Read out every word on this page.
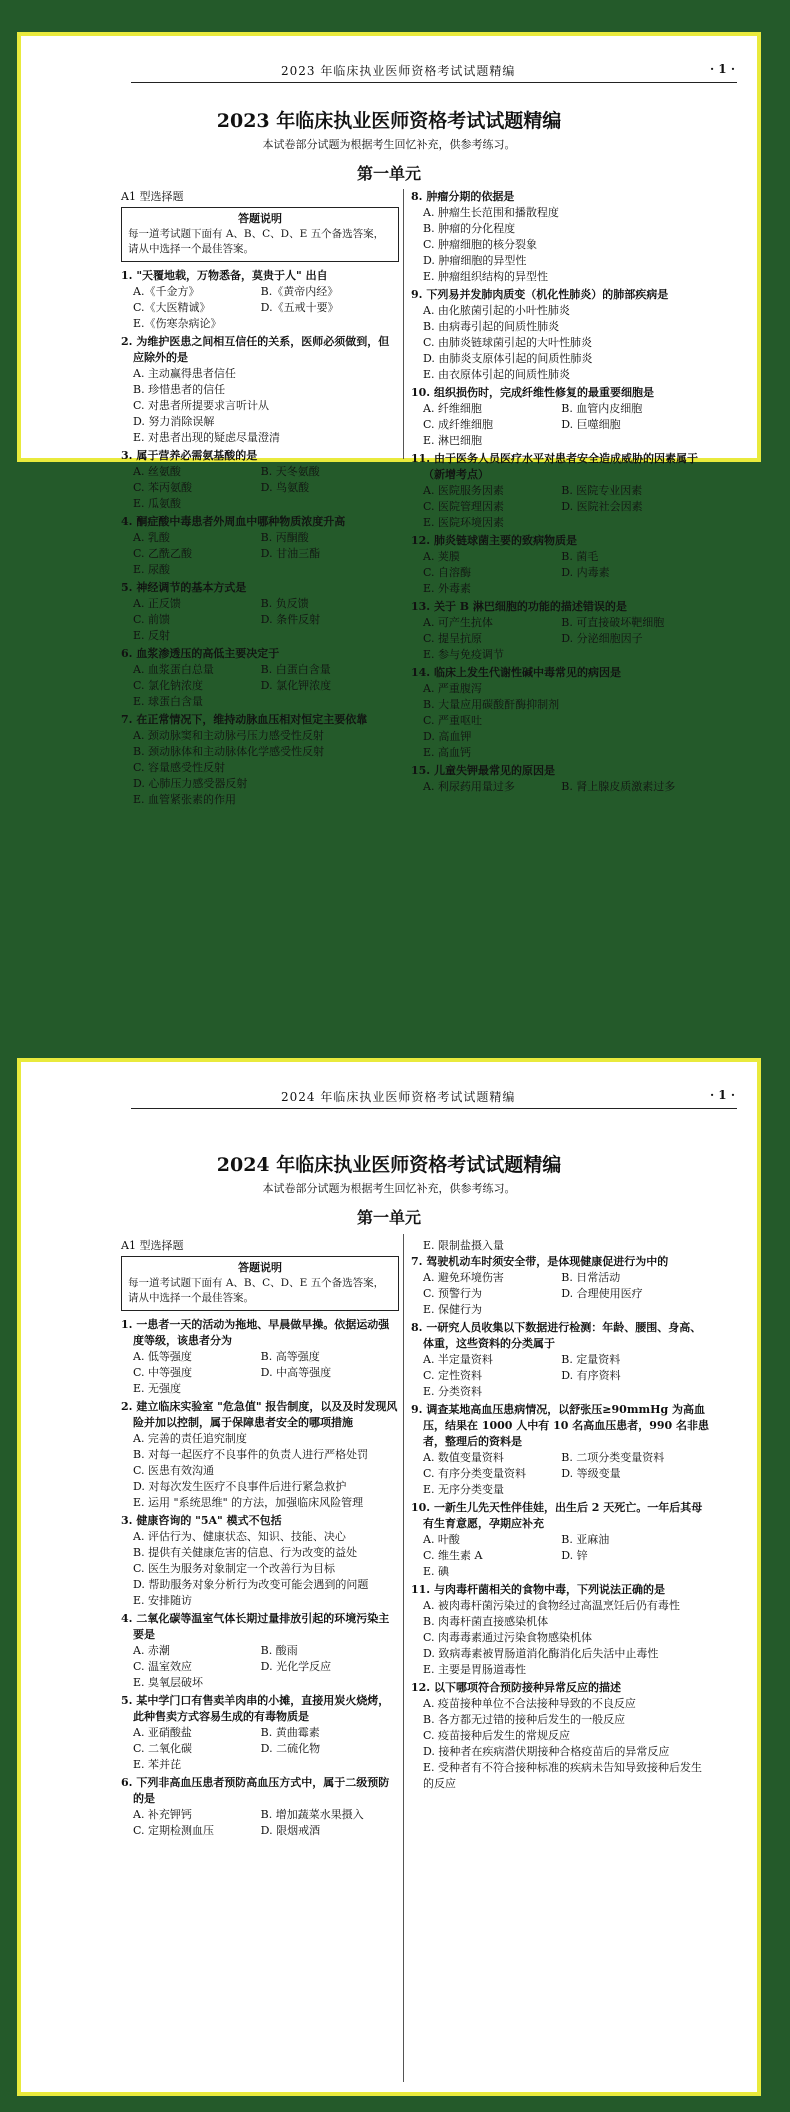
2023 年临床执业医师资格考试试题精编	· 1 ·
2023 年临床执业医师资格考试试题精编
本试卷部分试题为根据考生回忆补充，供参考练习。
第一单元
A1 型选择题
答题说明
每一道考试题下面有 A、B、C、D、E 五个备选答案，请从中选择一个最佳答案。
1. "天覆地载，万物悉备，莫贵于人" 出自
A.《千金方》	B.《黄帝内经》C.《大医精诚》	D.《五戒十要》
E.《伤寒杂病论》
2. 为维护医患之间相互信任的关系，医师必须做到，但应除外的是
A. 主动赢得患者信任
B. 珍惜患者的信任
C. 对患者所提要求言听计从
D. 努力消除误解
E. 对患者出现的疑虑尽量澄清
3. 属于营养必需氨基酸的是
A. 丝氨酸	B. 天冬氨酸C. 苯丙氨酸	D. 鸟氨酸
E. 瓜氨酸
4. 酮症酸中毒患者外周血中哪种物质浓度升高
A. 乳酸	B. 丙酮酸C. 乙酰乙酸	D. 甘油三酯
E. 尿酸
5. 神经调节的基本方式是
A. 正反馈	B. 负反馈C. 前馈	D. 条件反射
E. 反射
6. 血浆渗透压的高低主要决定于
A. 血浆蛋白总量	B. 白蛋白含量C. 氯化钠浓度	D. 氯化钾浓度
E. 球蛋白含量
7. 在正常情况下，维持动脉血压相对恒定主要依靠
A. 颈动脉窦和主动脉弓压力感受性反射
B. 颈动脉体和主动脉体化学感受性反射
C. 容量感受性反射
D. 心肺压力感受器反射
E. 血管紧张素的作用
8. 肿瘤分期的依据是
A. 肿瘤生长范围和播散程度
B. 肿瘤的分化程度
C. 肿瘤细胞的核分裂象
D. 肿瘤细胞的异型性
E. 肿瘤组织结构的异型性
9. 下列易并发肺肉质变（机化性肺炎）的肺部疾病是
A. 由化脓菌引起的小叶性肺炎
B. 由病毒引起的间质性肺炎
C. 由肺炎链球菌引起的大叶性肺炎
D. 由肺炎支原体引起的间质性肺炎
E. 由衣原体引起的间质性肺炎
10. 组织损伤时，完成纤维性修复的最重要细胞是
A. 纤维细胞	B. 血管内皮细胞C. 成纤维细胞	D. 巨噬细胞
E. 淋巴细胞
11. 由于医务人员医疗水平对患者安全造成威胁的因素属于（新增考点）
A. 医院服务因素	B. 医院专业因素C. 医院管理因素	D. 医院社会因素
E. 医院环境因素
12. 肺炎链球菌主要的致病物质是
A. 荚膜	B. 菌毛C. 自溶酶	D. 内毒素
E. 外毒素
13. 关于 B 淋巴细胞的功能的描述错误的是
A. 可产生抗体	B. 可直接破坏靶细胞C. 提呈抗原	D. 分泌细胞因子
E. 参与免疫调节
14. 临床上发生代谢性碱中毒常见的病因是
A. 严重腹泻
B. 大量应用碳酸酐酶抑制剂
C. 严重呕吐
D. 高血钾
E. 高血钙
15. 儿童失钾最常见的原因是
A. 利尿药用量过多	B. 肾上腺皮质激素过多
2024 年临床执业医师资格考试试题精编	· 1 ·
2024 年临床执业医师资格考试试题精编
本试卷部分试题为根据考生回忆补充，供参考练习。
第一单元
A1 型选择题
答题说明
每一道考试题下面有 A、B、C、D、E 五个备选答案，请从中选择一个最佳答案。
1. 一患者一天的活动为拖地、早晨做早操。依据运动强度等级，该患者分为
A. 低等强度	B. 高等强度C. 中等强度	D. 中高等强度
E. 无强度
2. 建立临床实验室 "危急值" 报告制度，以及及时发现风险并加以控制，属于保障患者安全的哪项措施
A. 完善的责任追究制度
B. 对每一起医疗不良事件的负责人进行严格处罚
C. 医患有效沟通
D. 对每次发生医疗不良事件后进行紧急救护
E. 运用 "系统思维" 的方法，加强临床风险管理
3. 健康咨询的 "5A" 模式不包括
A. 评估行为、健康状态、知识、技能、决心
B. 提供有关健康危害的信息、行为改变的益处
C. 医生为服务对象制定一个改善行为目标
D. 帮助服务对象分析行为改变可能会遇到的问题
E. 安排随访
4. 二氧化碳等温室气体长期过量排放引起的环境污染主要是
A. 赤潮	B. 酸雨C. 温室效应	D. 光化学反应
E. 臭氧层破坏
5. 某中学门口有售卖羊肉串的小摊，直接用炭火烧烤，此种售卖方式容易生成的有毒物质是
A. 亚硝酸盐	B. 黄曲霉素C. 二氧化碳	D. 二硫化物
E. 苯并芘
6. 下列非高血压患者预防高血压方式中，属于二级预防的是
A. 补充钾钙	B. 增加蔬菜水果摄入C. 定期检测血压	D. 限烟戒酒
E. 限制盐摄入量
7. 驾驶机动车时须安全带，是体现健康促进行为中的
A. 避免环境伤害	B. 日常活动C. 预警行为	D. 合理使用医疗
E. 保健行为
8. 一研究人员收集以下数据进行检测：年龄、腰围、身高、体重，这些资料的分类属于
A. 半定量资料	B. 定量资料C. 定性资料	D. 有序资料
E. 分类资料
9. 调查某地高血压患病情况，以舒张压≥90mmHg 为高血压，结果在 1000 人中有 10 名高血压患者，990 名非患者，整理后的资料是
A. 数值变量资料	B. 二项分类变量资料C. 有序分类变量资料	D. 等级变量
E. 无序分类变量
10. 一新生儿先天性伴佳娃，出生后 2 天死亡。一年后其母有生育意愿，孕期应补充
A. 叶酸	B. 亚麻油C. 维生素 A	D. 锌
E. 碘
11. 与肉毒杆菌相关的食物中毒，下列说法正确的是
A. 被肉毒杆菌污染过的食物经过高温烹饪后仍有毒性
B. 肉毒杆菌直接感染机体
C. 肉毒毒素通过污染食物感染机体
D. 致病毒素被胃肠道消化酶消化后失活中止毒性
E. 主要是胃肠道毒性
12. 以下哪项符合预防接种异常反应的描述
A. 疫苗接种单位不合法接种导致的不良反应
B. 各方都无过错的接种后发生的一般反应
C. 疫苗接种后发生的常规反应
D. 接种者在疾病潜伏期接种合格疫苗后的异常反应
E. 受种者有不符合接种标准的疾病未告知导致接种后发生的反应
